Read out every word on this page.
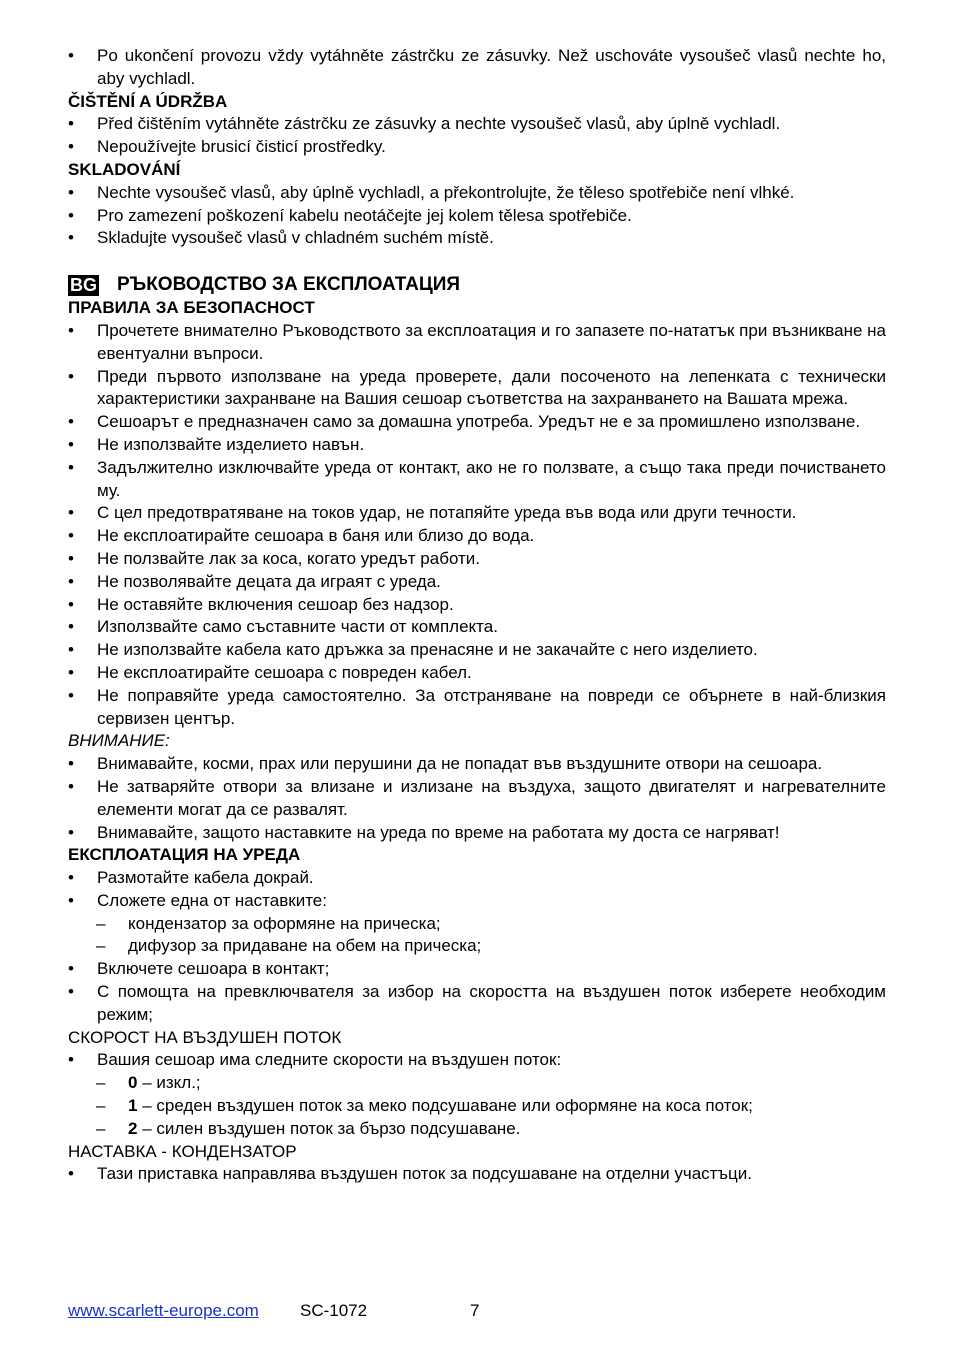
• Po ukončení provozu vždy vytáhněte zástrčku ze zásuvky. Než uschováte vysoušeč vlasů nechte ho, aby vychladl.
ČIŠTĚNÍ A ÚDRŽBA
• Před čištěním vytáhněte zástrčku ze zásuvky a nechte vysoušeč vlasů, aby úplně vychladl.
• Nepoužívejte brusicí čisticí prostředky.
SKLADOVÁNÍ
• Nechte vysoušeč vlasů, aby úplně vychladl, a překontrolujte, že těleso spotřebiče není vlhké.
• Pro zamezení poškození kabelu neotáčejte jej kolem tělesa spotřebiče.
• Skladujte vysoušeč vlasů v chladném suchém místě.
BG РЪКОВОДСТВО ЗА ЕКСПЛОАТАЦИЯ
ПРАВИЛА ЗА БЕЗОПАСНОСТ
• Прочетете внимателно Ръководството за експлоатация и го запазете по-нататък при възникване на евентуални въпроси.
• Преди първото използване на уреда проверете, дали посоченото на лепенката с технически характеристики захранване на Вашия сешоар съответства на захранването на Вашата мрежа.
• Сешоарът е предназначен само за домашна употреба. Уредът не е за промишлено използване.
• Не използвайте изделието навън.
• Задължително изключвайте уреда от контакт, ако не го ползвате, а също така преди почистването му.
• С цел предотвратяване на токов удар, не потапяйте уреда във вода или други течности.
• Не експлоатирайте сешоара в баня или близо до вода.
• Не ползвайте лак за коса, когато уредът работи.
• Не позволявайте децата да играят с уреда.
• Не оставяйте включения сешоар без надзор.
• Използвайте само съставните части от комплекта.
• Не използвайте кабела като дръжка за пренасяне и не закачайте с него изделието.
• Не експлоатирайте сешоара с повреден кабел.
• Не поправяйте уреда самостоятелно. За отстраняване на повреди се обърнете в най-близкия сервизен център.
ВНИМАНИЕ:
• Внимавайте, косми, прах или перушини да не попадат във въздушните отвори на сешоара.
• Не затваряйте отвори за влизане и излизане на въздуха, защото двигателят и нагревателните елементи могат да се развалят.
• Внимавайте, защото наставките на уреда по време на работата му доста се нагряват!
ЕКСПЛОАТАЦИЯ НА УРЕДА
• Размотайте кабела докрай.
• Сложете една от наставките:
– кондензатор за оформяне на прическа;
– дифузор за придаване на обем на прическа;
• Включете сешоара в контакт;
• С помощта на превключвателя за избор на скоростта на въздушен поток изберете необходим режим;
СКОРОСТ НА ВЪЗДУШЕН ПОТОК
• Вашия сешоар има следните скорости на въздушен поток:
– 0 – изкл.;
– 1 – среден въздушен поток за меко подсушаване или оформяне на коса поток;
– 2 – силен въздушен поток за бързо подсушаване.
НАСТАВКА - КОНДЕНЗАТОР
• Тази приставка направлява въздушен поток за подсушаване на отделни участъци.
www.scarlett-europe.com SC-1072	7
